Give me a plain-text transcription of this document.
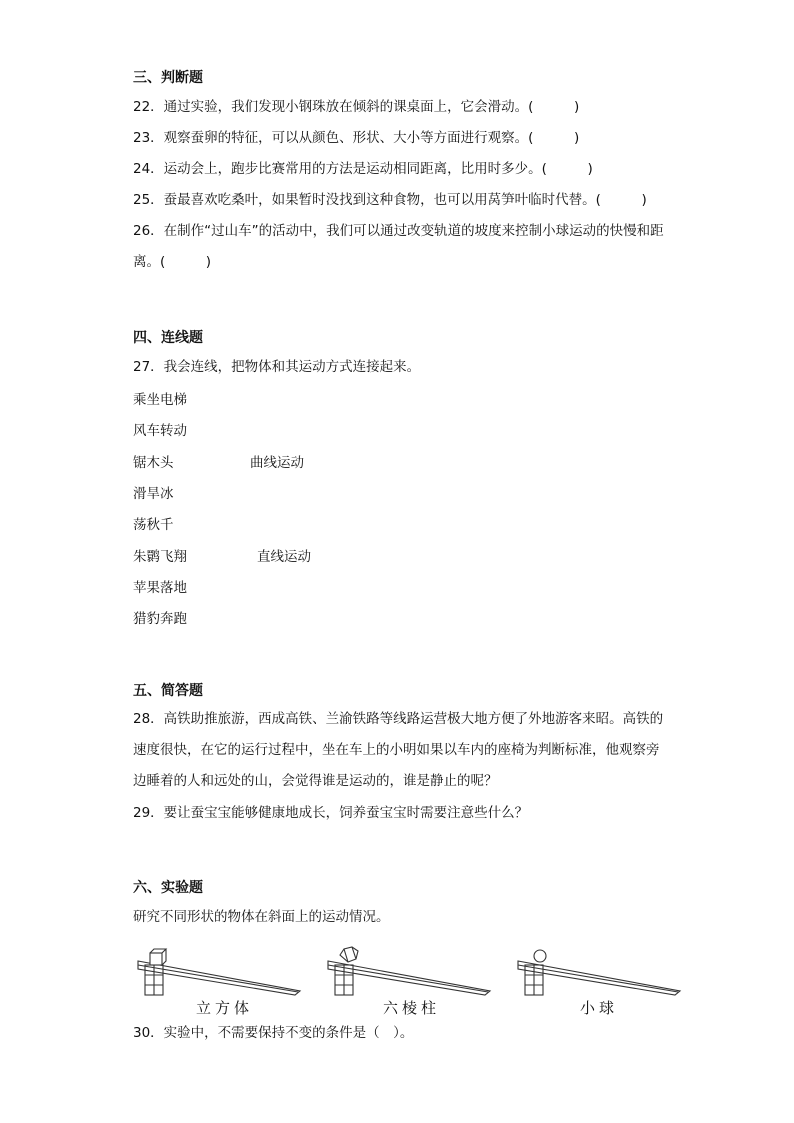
三、判断题
22．通过实验，我们发现小钢珠放在倾斜的课桌面上，它会滑动。(　　　)
23．观察蚕卵的特征，可以从颜色、形状、大小等方面进行观察。(　　　)
24．运动会上，跑步比赛常用的方法是运动相同距离，比用时多少。(　　　)
25．蚕最喜欢吃桑叶，如果暂时没找到这种食物，也可以用莴笋叶临时代替。(　　　)
26．在制作“过山车”的活动中，我们可以通过改变轨道的坡度来控制小球运动的快慢和距离。(　　　)
四、连线题
27．我会连线，把物体和其运动方式连接起来。
乘坐电梯
风车转动
锯木头
滑旱冰
荡秋千
朱鹮飞翔
苹果落地
猎豹奔跑
曲线运动
直线运动
五、简答题
28．高铁助推旅游，西成高铁、兰渝铁路等线路运营极大地方便了外地游客来昭。高铁的速度很快，在它的运行过程中，坐在车上的小明如果以车内的座椅为判断标准，他观察旁边睡着的人和远处的山，会觉得谁是运动的，谁是静止的呢？
29．要让蚕宝宝能够健康地成长，饲养蚕宝宝时需要注意些什么？
六、实验题
研究不同形状的物体在斜面上的运动情况。
立方体	六棱柱	小球
30．实验中，不需要保持不变的条件是（　）。
